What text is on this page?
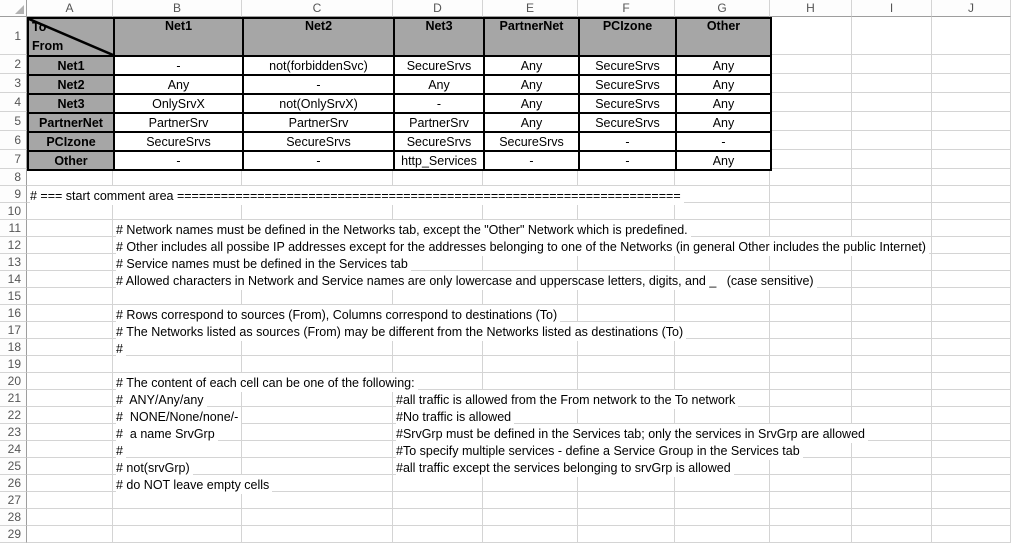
A	B	C	D	E	F	G	H	I	J
1
2
3
4
5
6
7
8
9
10
11
12
13
14
15
16
17
18
19
20
21
22
23
24
25
26
27
28
29
# === start comment area =====================================================================
# Network names must be defined in the Networks tab, except the "Other" Network which is predefined.
# Other includes all possibe IP addresses except for the addresses belonging to one of the Networks (in general Other includes the public Internet)
# Service names must be defined in the Services tab
# Allowed characters in Network and Service names are only lowercase and upperscase letters, digits, and _   (case sensitive)
# Rows correspond to sources (From), Columns correspond to destinations (To)
# The Networks listed as sources (From) may be different from the Networks listed as destinations (To)
#
# The content of each cell can be one of the following:
#  ANY/Any/any	#all traffic is allowed from the From network to the To network
#  NONE/None/none/-	#No traffic is allowed
#  a name SrvGrp	#SrvGrp must be defined in the Services tab; only the services in SrvGrp are allowed
#	#To specify multiple services - define a Service Group in the Services tab
# not(srvGrp)	#all traffic except the services belonging to srvGrp is allowed
# do NOT leave empty cells
To
From	Net1	Net2	Net3	PartnerNet	PCIzone	Other
Net1	-	not(forbiddenSvc)	SecureSrvs	Any	SecureSrvs	Any
Net2	Any	-	Any	Any	SecureSrvs	Any
Net3	OnlySrvX	not(OnlySrvX)	-	Any	SecureSrvs	Any
PartnerNet	PartnerSrv	PartnerSrv	PartnerSrv	Any	SecureSrvs	Any
PCIzone	SecureSrvs	SecureSrvs	SecureSrvs	SecureSrvs	-	-
Other	-	-	http_Services	-	-	Any
